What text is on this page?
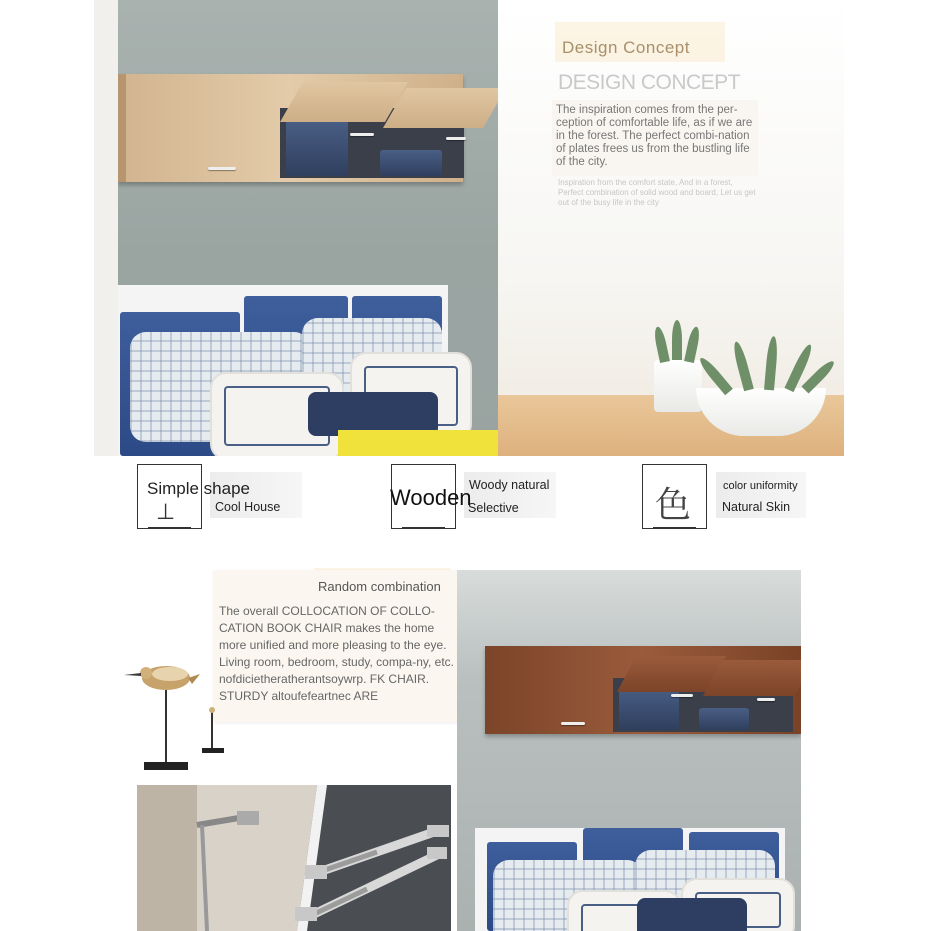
Design Concept
DESIGN CONCEPT
The inspiration comes from the per-ception of comfortable life, as if we are in the forest. The perfect combi-nation of plates frees us from the bustling life of the city.
Inspiration from the comfort state, And in a forest, Perfect combination of solid wood and board, Let us get out of the busy life in the city
⊥
Simple shape
Cool House	Wooden
Woody natural
Selective	色	color uniformity
Natural Skin
Random combination
The overall COLLOCATION OF COLLO-CATION BOOK CHAIR makes the home more unified and more pleasing to the eye. Living room, bedroom, study, compa-ny, etc. nofdicietheratherantsoywrp. FK CHAIR. STURDY altoufefeartnec ARE
